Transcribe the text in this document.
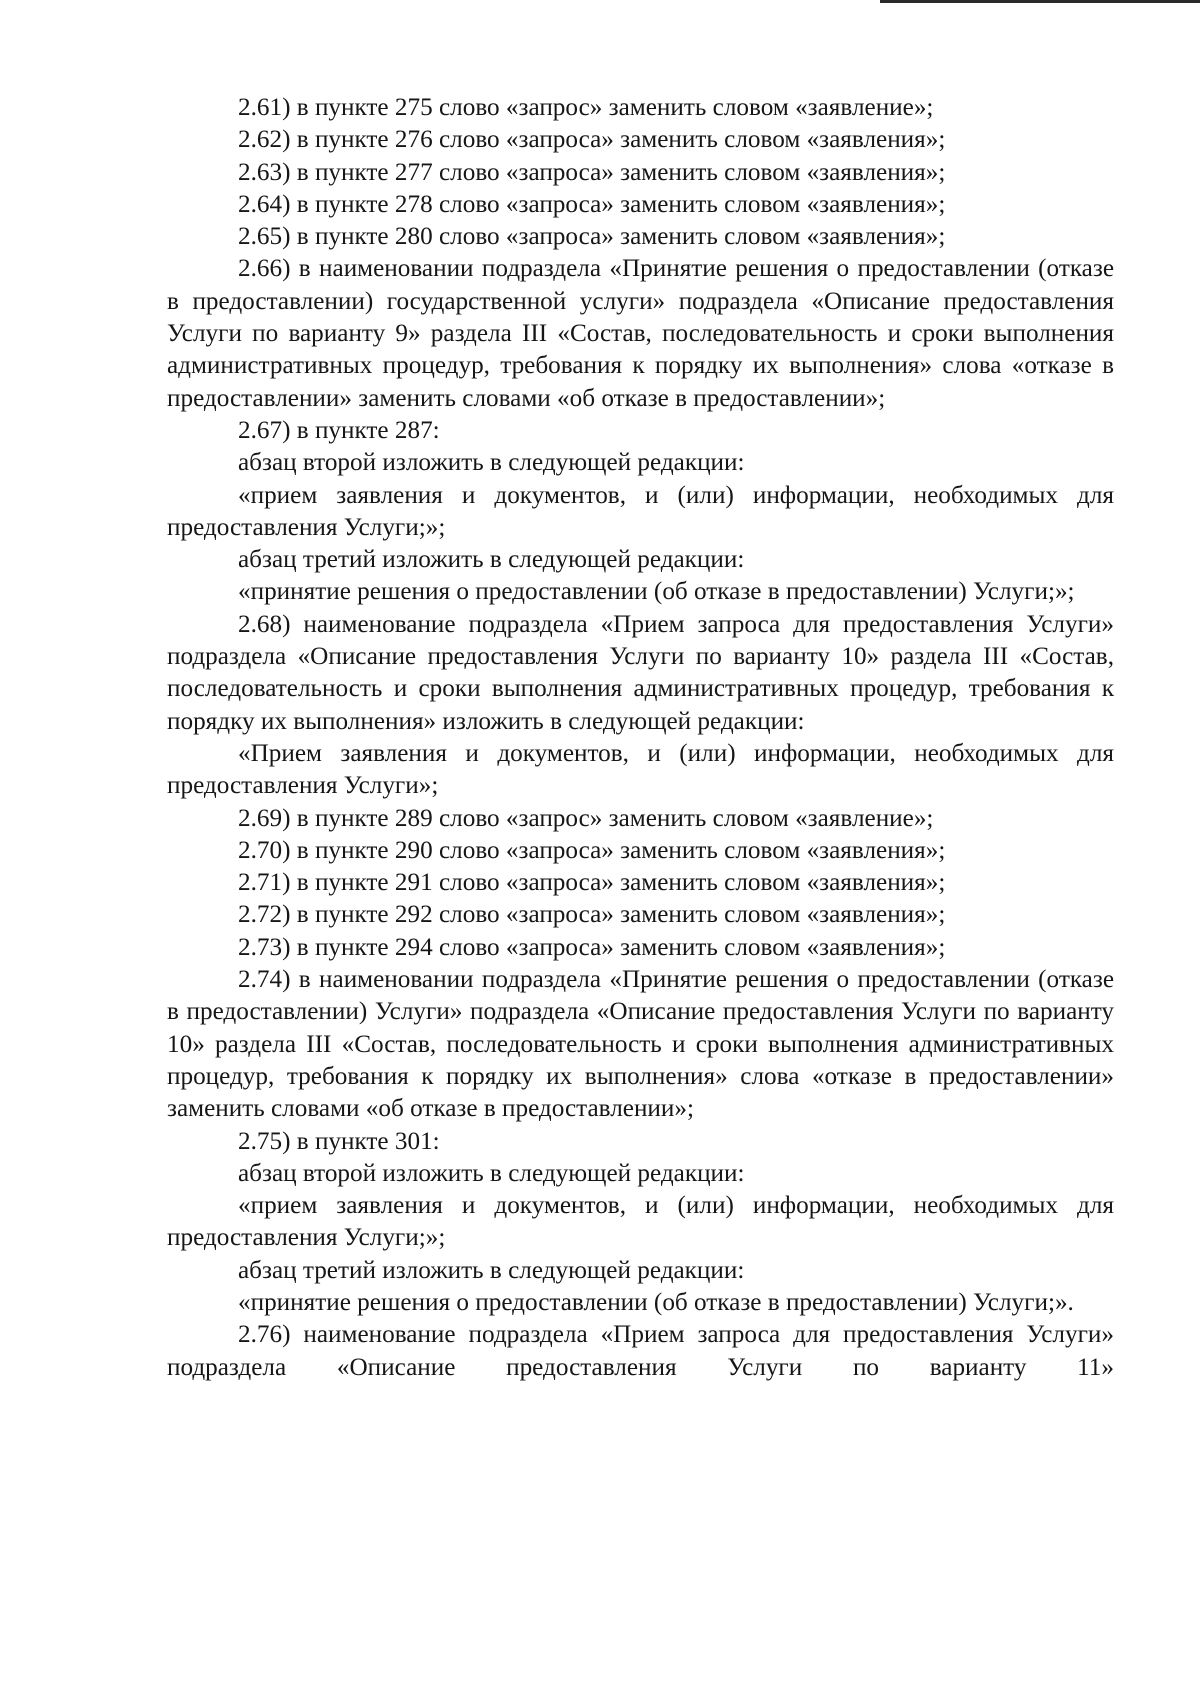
2.61) в пункте 275 слово «запрос» заменить словом «заявление»;

2.62) в пункте 276 слово «запроса» заменить словом «заявления»;

2.63) в пункте 277 слово «запроса» заменить словом «заявления»;

2.64) в пункте 278 слово «запроса» заменить словом «заявления»;

2.65) в пункте 280 слово «запроса» заменить словом «заявления»;

2.66) в наименовании подраздела «Принятие решения о предоставлении (отказе в предоставлении) государственной услуги» подраздела «Описание предоставления Услуги по варианту 9» раздела III «Состав, последовательность и сроки выполнения административных процедур, требования к порядку их выполнения» слова «отказе в предоставлении» заменить словами «об отказе в предоставлении»;

2.67) в пункте 287:

абзац второй изложить в следующей редакции:

«прием заявления и документов, и (или) информации, необходимых для предоставления Услуги;»;

абзац третий изложить в следующей редакции:

«принятие решения о предоставлении (об отказе в предоставлении) Услуги;»;

2.68) наименование подраздела «Прием запроса для предоставления Услуги» подраздела «Описание предоставления Услуги по варианту 10» раздела III «Состав, последовательность и сроки выполнения административных процедур, требования к порядку их выполнения» изложить в следующей редакции:

«Прием заявления и документов, и (или) информации, необходимых для предоставления Услуги»;

2.69) в пункте 289 слово «запрос» заменить словом «заявление»;

2.70) в пункте 290 слово «запроса» заменить словом «заявления»;

2.71) в пункте 291 слово «запроса» заменить словом «заявления»;

2.72) в пункте 292 слово «запроса» заменить словом «заявления»;

2.73) в пункте 294 слово «запроса» заменить словом «заявления»;

2.74) в наименовании подраздела «Принятие решения о предоставлении (отказе в предоставлении) Услуги» подраздела «Описание предоставления Услуги по варианту 10» раздела III «Состав, последовательность и сроки выполнения административных процедур, требования к порядку их выполнения» слова «отказе в предоставлении» заменить словами «об отказе в предоставлении»;

2.75) в пункте 301:

абзац второй изложить в следующей редакции:

«прием заявления и документов, и (или) информации, необходимых для предоставления Услуги;»;

абзац третий изложить в следующей редакции:

«принятие решения о предоставлении (об отказе в предоставлении) Услуги;».

2.76) наименование подраздела «Прием запроса для предоставления Услуги» подраздела «Описание предоставления Услуги по варианту 11»
